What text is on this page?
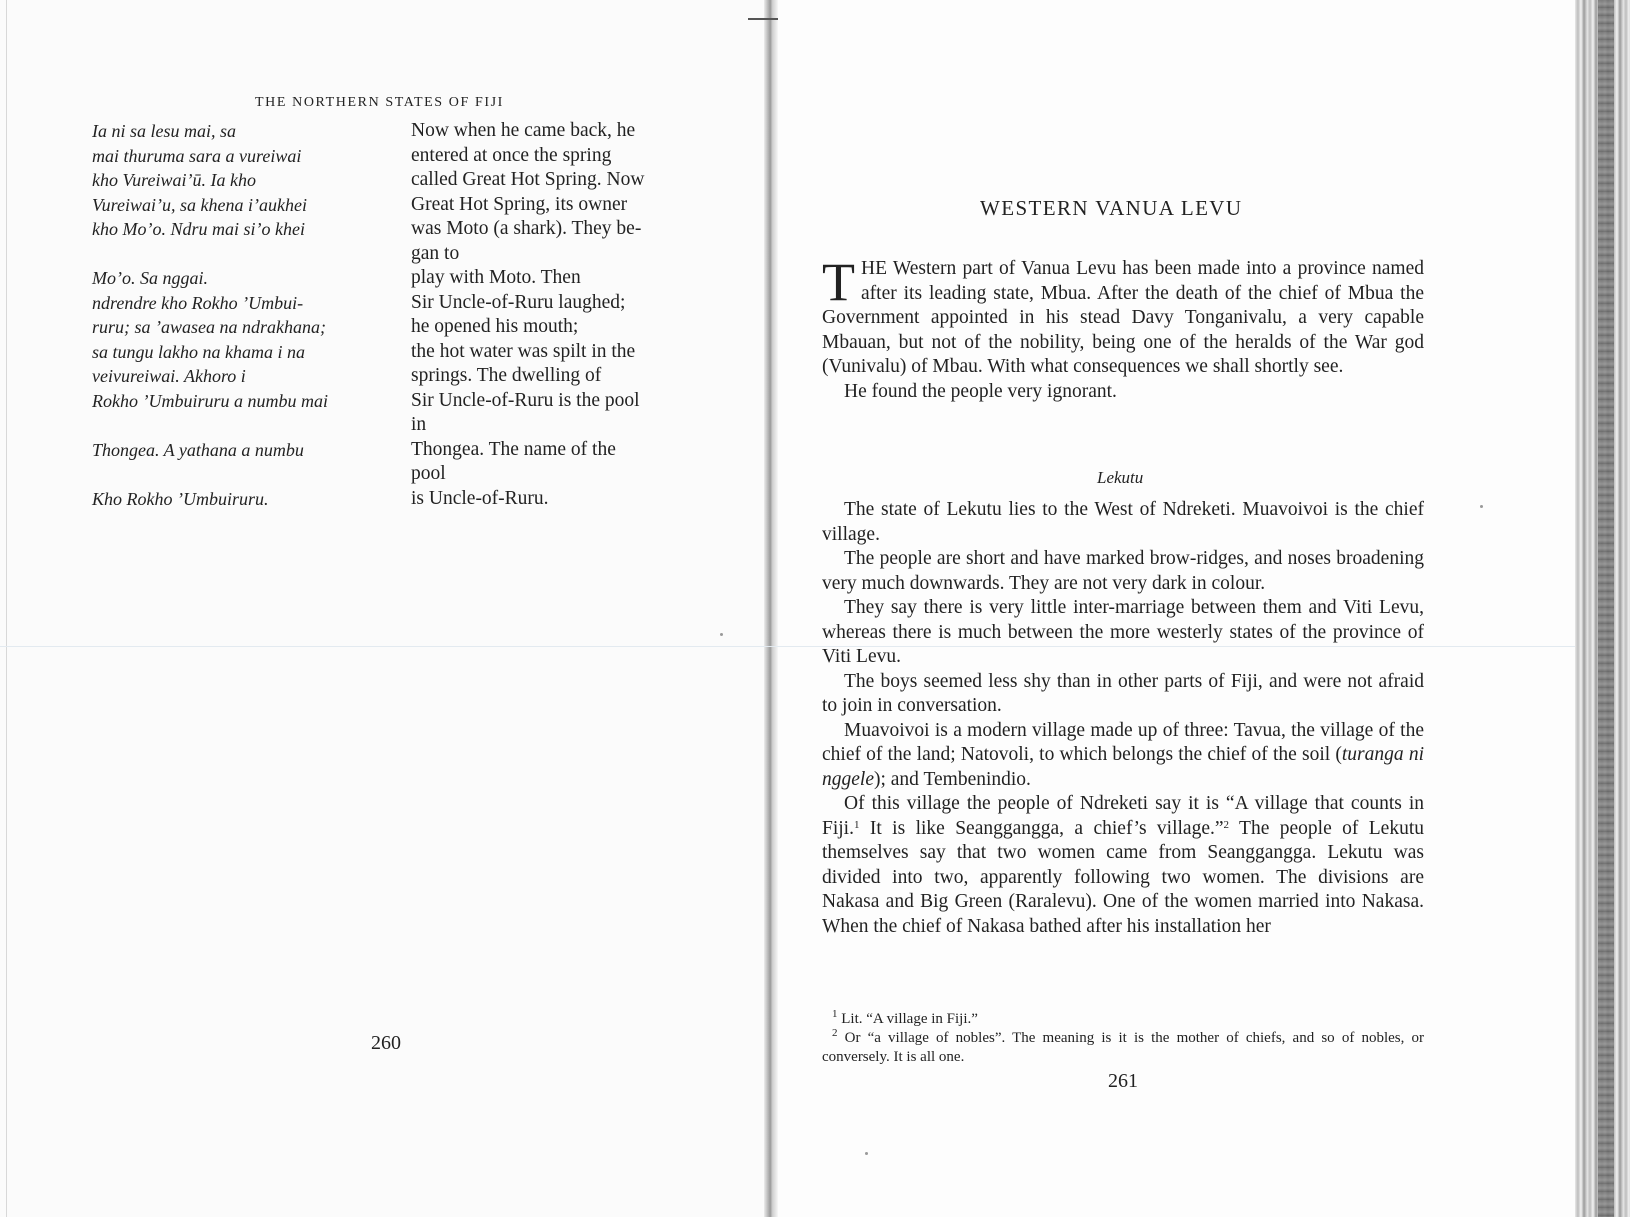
THE NORTHERN STATES OF FIJI
Ia ni sa lesu mai, sa
mai thuruma sara a vureiwai
kho Vureiwai’ū. Ia kho
Vureiwai’u, sa khena i’aukhei
kho Mo’o. Ndru mai si’o khei
Mo’o. Sa nggai.
ndrendre kho Rokho ’Umbui-
ruru; sa ’awasea na ndrakhana;
sa tungu lakho na khama i na
veivureiwai. Akhoro i
Rokho ’Umbuiruru a numbu mai
Thongea. A yathana a numbu
Kho Rokho ’Umbuiruru.
Now when he came back, he
entered at once the spring
called Great Hot Spring. Now
Great Hot Spring, its owner
was Moto (a shark). They be-
gan to
play with Moto. Then
Sir Uncle-of-Ruru laughed;
he opened his mouth;
the hot water was spilt in the
springs. The dwelling of
Sir Uncle-of-Ruru is the pool
in
Thongea. The name of the
pool
is Uncle-of-Ruru.
260
WESTERN VANUA LEVU

THE Western part of Vanua Levu has been made into a province named after its leading state, Mbua. After the death of the chief of Mbua the Government appointed in his stead Davy Tonganivalu, a very capable Mbauan, but not of the nobility, being one of the heralds of the War god (Vunivalu) of Mbau. With what consequences we shall shortly see.

He found the people very ignorant.

Lekutu

The state of Lekutu lies to the West of Ndreketi. Muavoivoi is the chief village.

The people are short and have marked brow-ridges, and noses broadening very much downwards. They are not very dark in colour.

They say there is very little inter-marriage between them and Viti Levu, whereas there is much between the more westerly states of the province of Viti Levu.

The boys seemed less shy than in other parts of Fiji, and were not afraid to join in conversation.

Muavoivoi is a modern village made up of three: Tavua, the village of the chief of the land; Natovoli, to which belongs the chief of the soil (turanga ni nggele); and Tembenindio.

Of this village the people of Ndreketi say it is “A village that counts in Fiji.$^1$ It is like Seanggangga, a chief’s village.”$^2$ The people of Lekutu themselves say that two women came from Seanggangga. Lekutu was divided into two, apparently following two women. The divisions are Nakasa and Big Green (Raralevu). One of the women married into Nakasa. When the chief of Nakasa bathed after his installation her

$^1$ Lit. “A village in Fiji.”

$^2$ Or “a village of nobles”. The meaning is it is the mother of chiefs, and so of nobles, or conversely. It is all one.

261
